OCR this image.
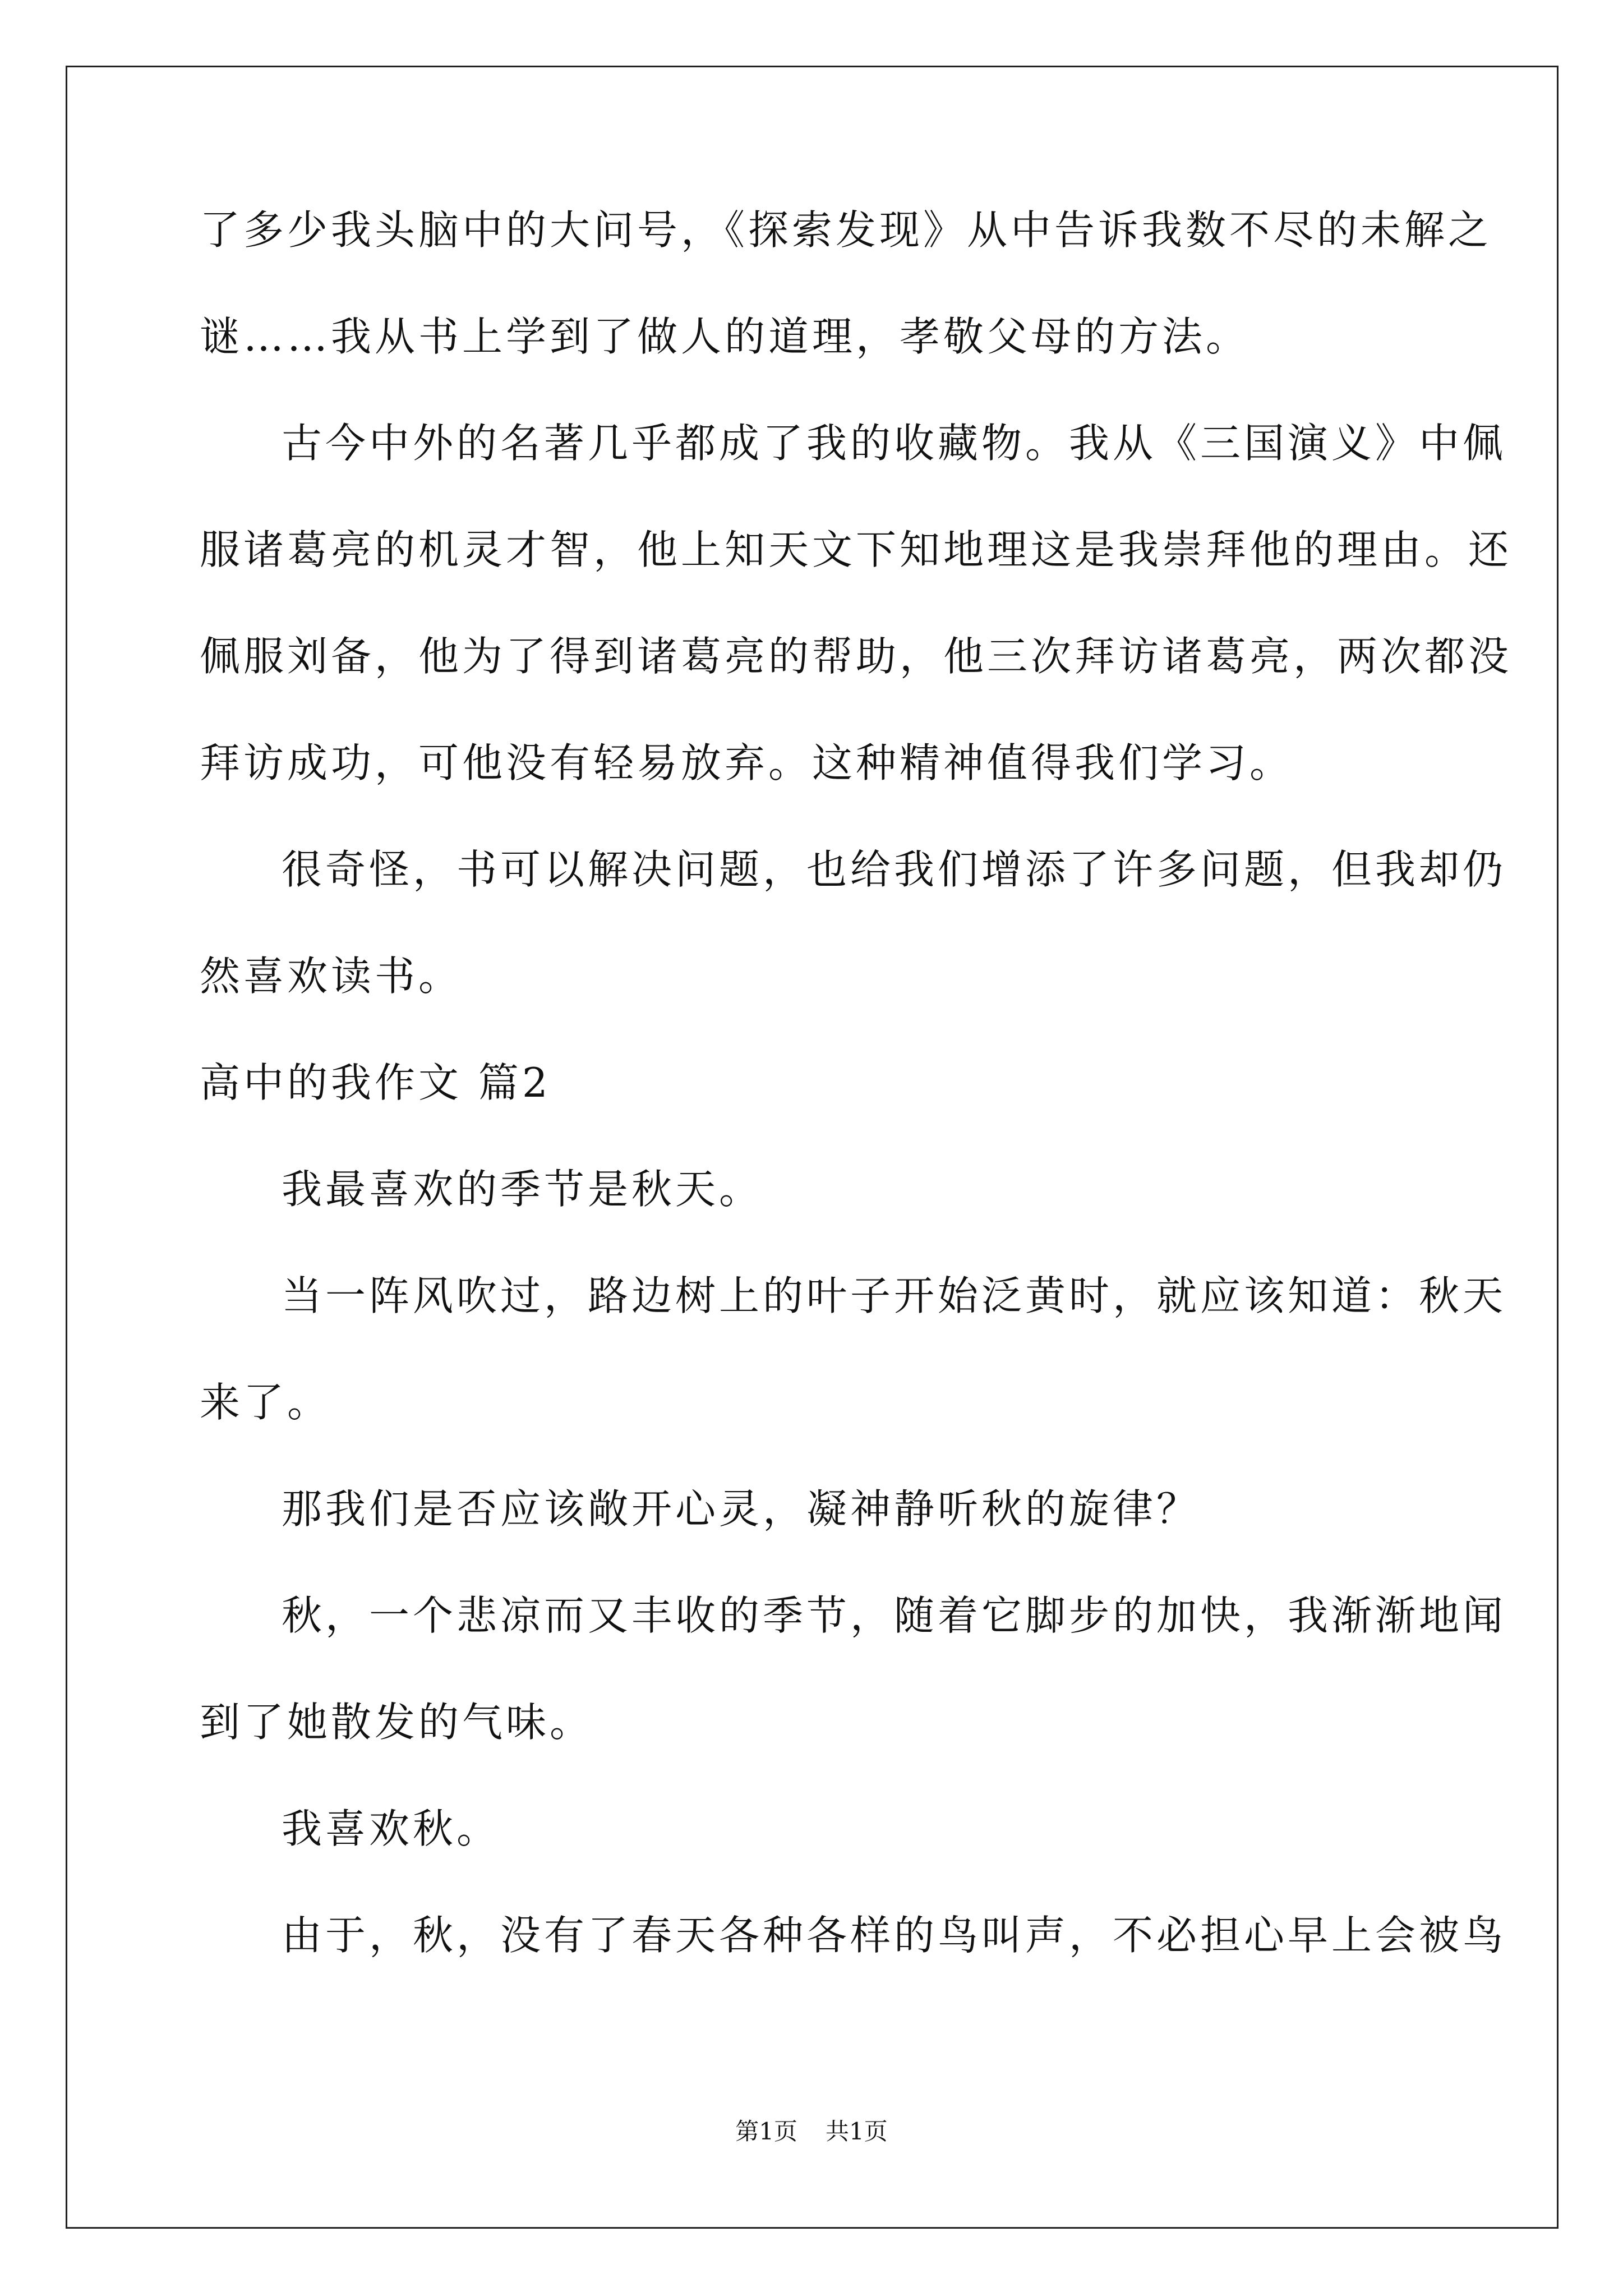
了多少我头脑中的大问号，《探索发现》从中告诉我数不尽的未解之
谜……我从书上学到了做人的道理，孝敬父母的方法。
古今中外的名著几乎都成了我的收藏物。我从《三国演义》中佩
服诸葛亮的机灵才智，他上知天文下知地理这是我崇拜他的理由。还
佩服刘备，他为了得到诸葛亮的帮助，他三次拜访诸葛亮，两次都没
拜访成功，可他没有轻易放弃。这种精神值得我们学习。
很奇怪，书可以解决问题，也给我们增添了许多问题，但我却仍
然喜欢读书。
高中的我作文 篇2
我最喜欢的季节是秋天。
当一阵风吹过，路边树上的叶子开始泛黄时，就应该知道：秋天
来了。
那我们是否应该敞开心灵，凝神静听秋的旋律？
秋，一个悲凉而又丰收的季节，随着它脚步的加快，我渐渐地闻
到了她散发的气味。
我喜欢秋。
由于，秋，没有了春天各种各样的鸟叫声，不必担心早上会被鸟
第1页 共1页
